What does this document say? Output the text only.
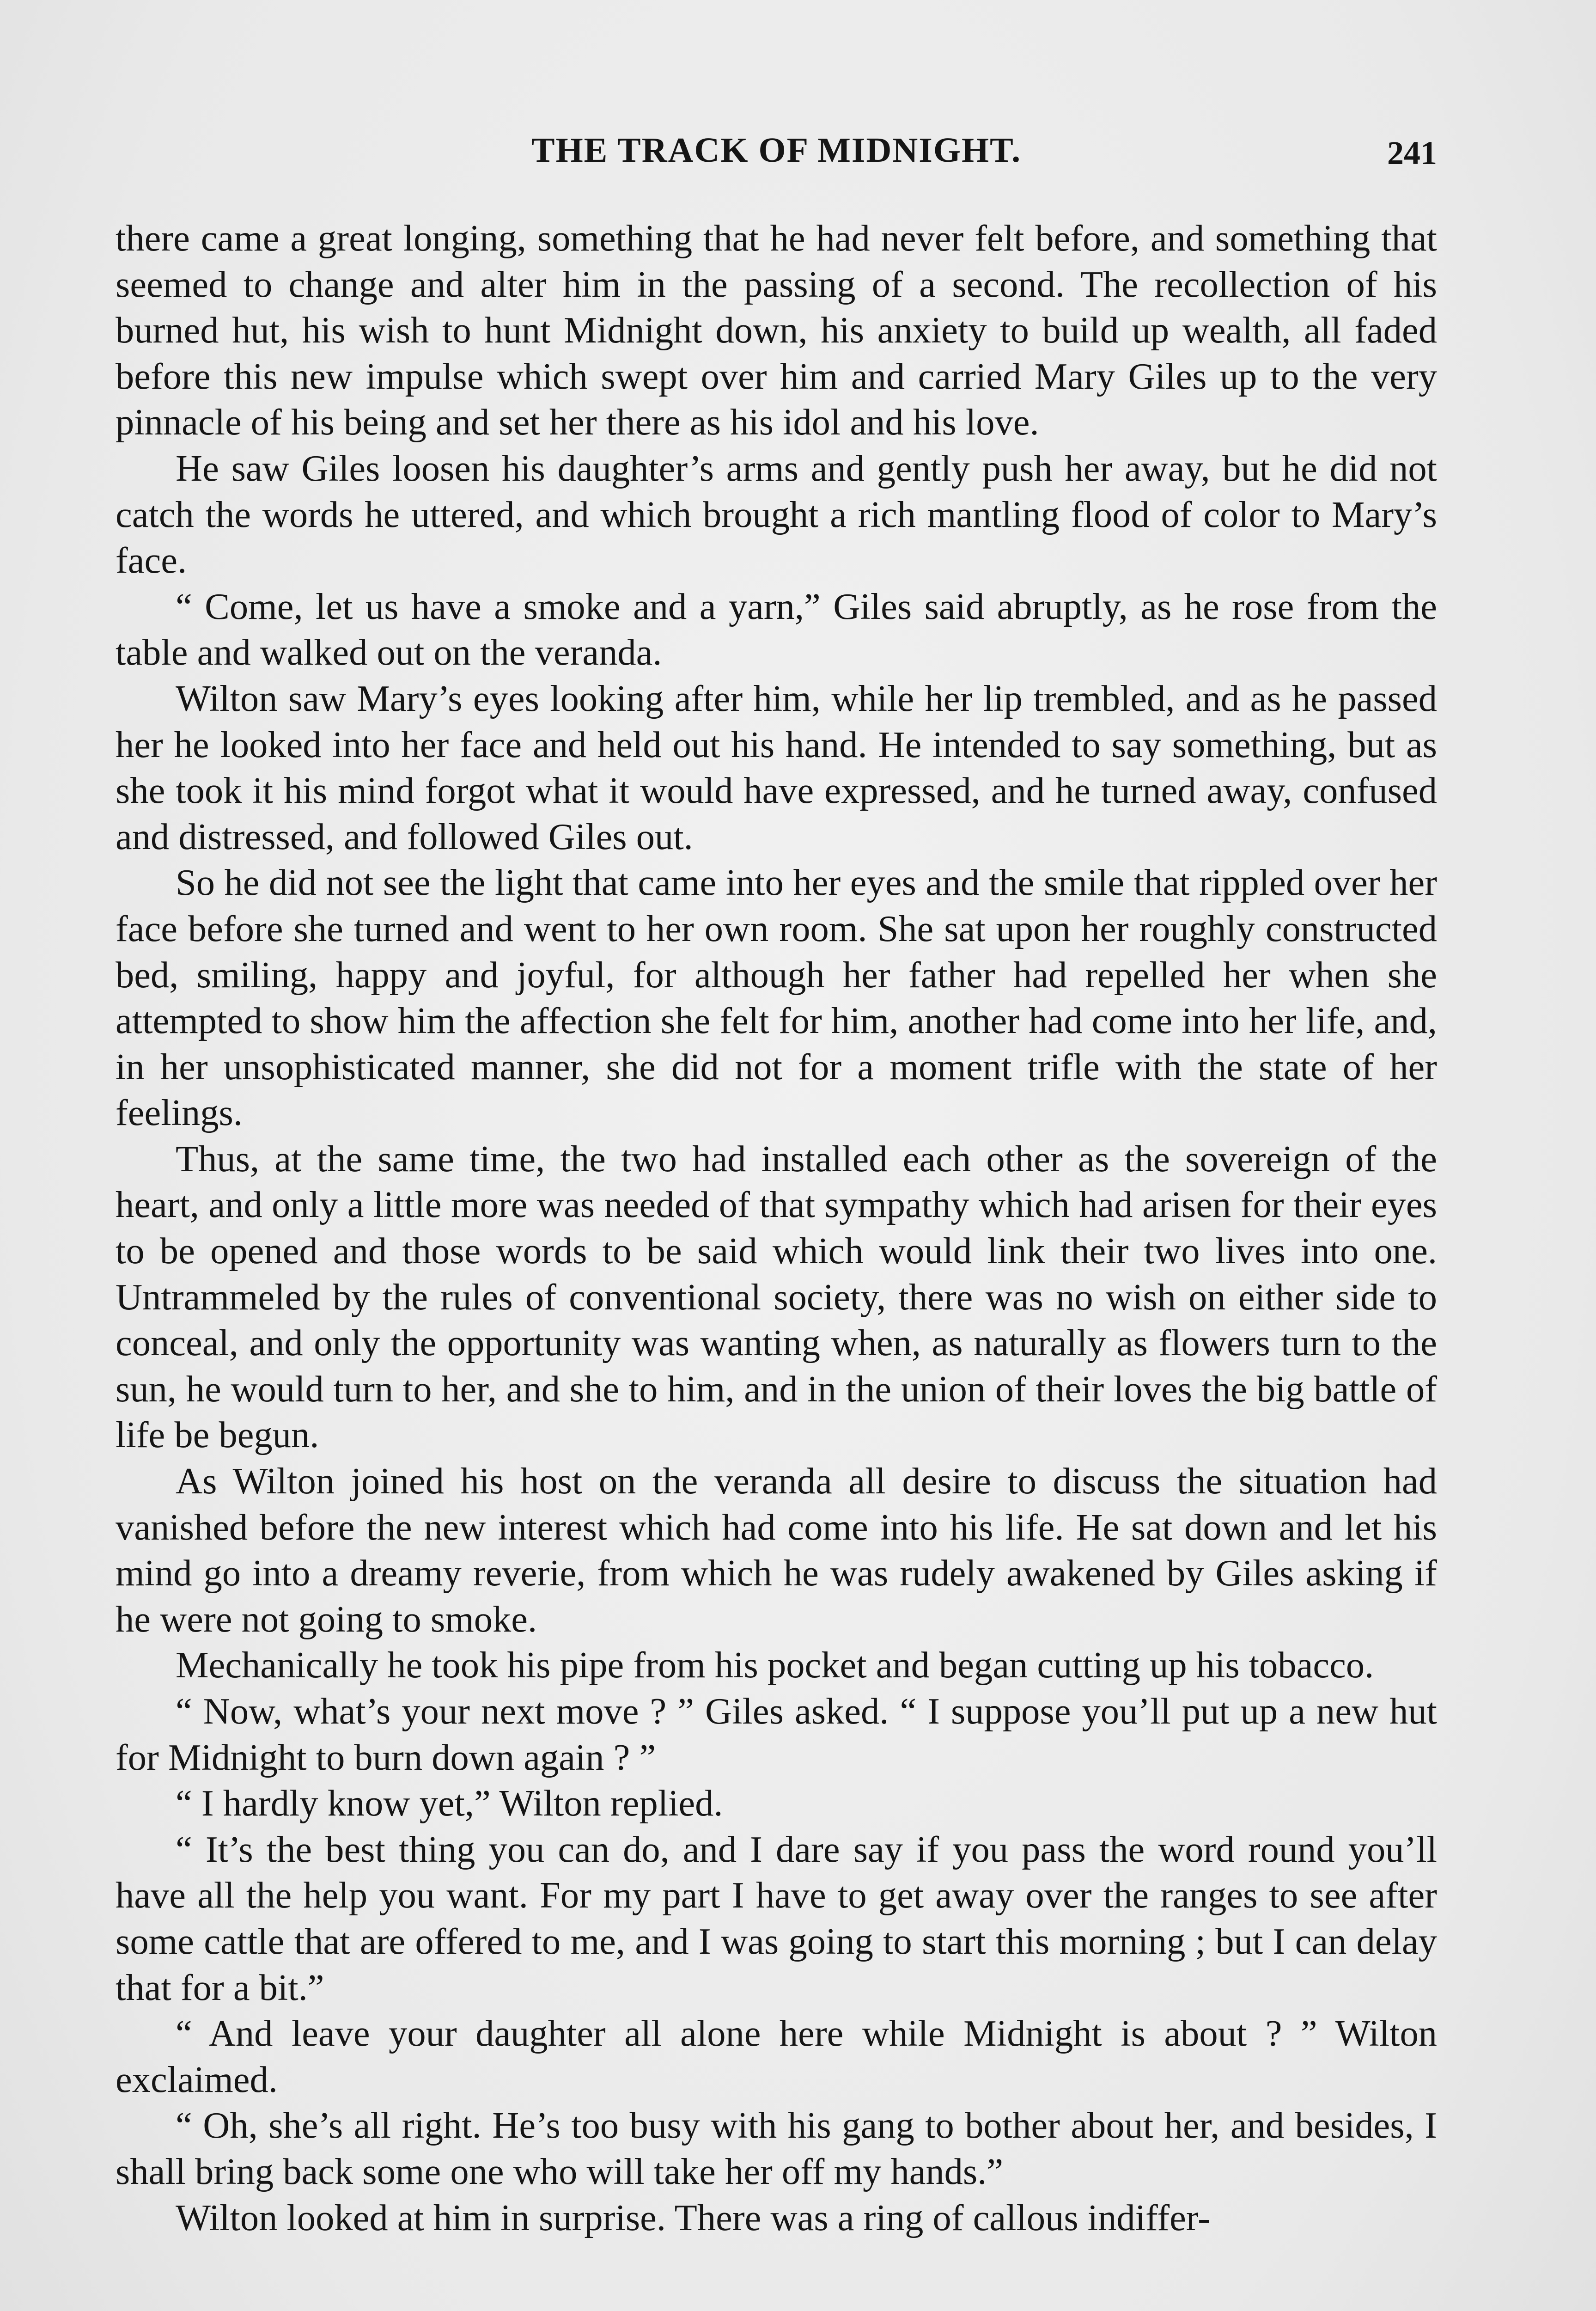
THE TRACK OF MIDNIGHT.	241

there came a great longing, something that he had never felt before, and something that seemed to change and alter him in the passing of a second. The recollection of his burned hut, his wish to hunt Midnight down, his anxiety to build up wealth, all faded before this new impulse which swept over him and carried Mary Giles up to the very pinnacle of his being and set her there as his idol and his love.

He saw Giles loosen his daughter’s arms and gently push her away, but he did not catch the words he uttered, and which brought a rich mantling flood of color to Mary’s face.

“ Come, let us have a smoke and a yarn,” Giles said abruptly, as he rose from the table and walked out on the veranda.

Wilton saw Mary’s eyes looking after him, while her lip trembled, and as he passed her he looked into her face and held out his hand. He intended to say something, but as she took it his mind forgot what it would have expressed, and he turned away, confused and distressed, and followed Giles out.

So he did not see the light that came into her eyes and the smile that rippled over her face before she turned and went to her own room. She sat upon her roughly constructed bed, smiling, happy and joyful, for although her father had repelled her when she attempted to show him the affection she felt for him, another had come into her life, and, in her unsophisticated manner, she did not for a moment trifle with the state of her feelings.

Thus, at the same time, the two had installed each other as the sovereign of the heart, and only a little more was needed of that sympathy which had arisen for their eyes to be opened and those words to be said which would link their two lives into one. Untrammeled by the rules of conventional society, there was no wish on either side to conceal, and only the opportunity was wanting when, as naturally as flowers turn to the sun, he would turn to her, and she to him, and in the union of their loves the big battle of life be begun.

As Wilton joined his host on the veranda all desire to discuss the situation had vanished before the new interest which had come into his life. He sat down and let his mind go into a dreamy reverie, from which he was rudely awakened by Giles asking if he were not going to smoke.

Mechanically he took his pipe from his pocket and began cutting up his tobacco.

“ Now, what’s your next move ? ” Giles asked. “ I suppose you’ll put up a new hut for Midnight to burn down again ? ”

“ I hardly know yet,” Wilton replied.

“ It’s the best thing you can do, and I dare say if you pass the word round you’ll have all the help you want. For my part I have to get away over the ranges to see after some cattle that are offered to me, and I was going to start this morning ; but I can delay that for a bit.”

“ And leave your daughter all alone here while Midnight is about ? ” Wilton exclaimed.

“ Oh, she’s all right. He’s too busy with his gang to bother about her, and besides, I shall bring back some one who will take her off my hands.”

Wilton looked at him in surprise. There was a ring of callous indiffer-
